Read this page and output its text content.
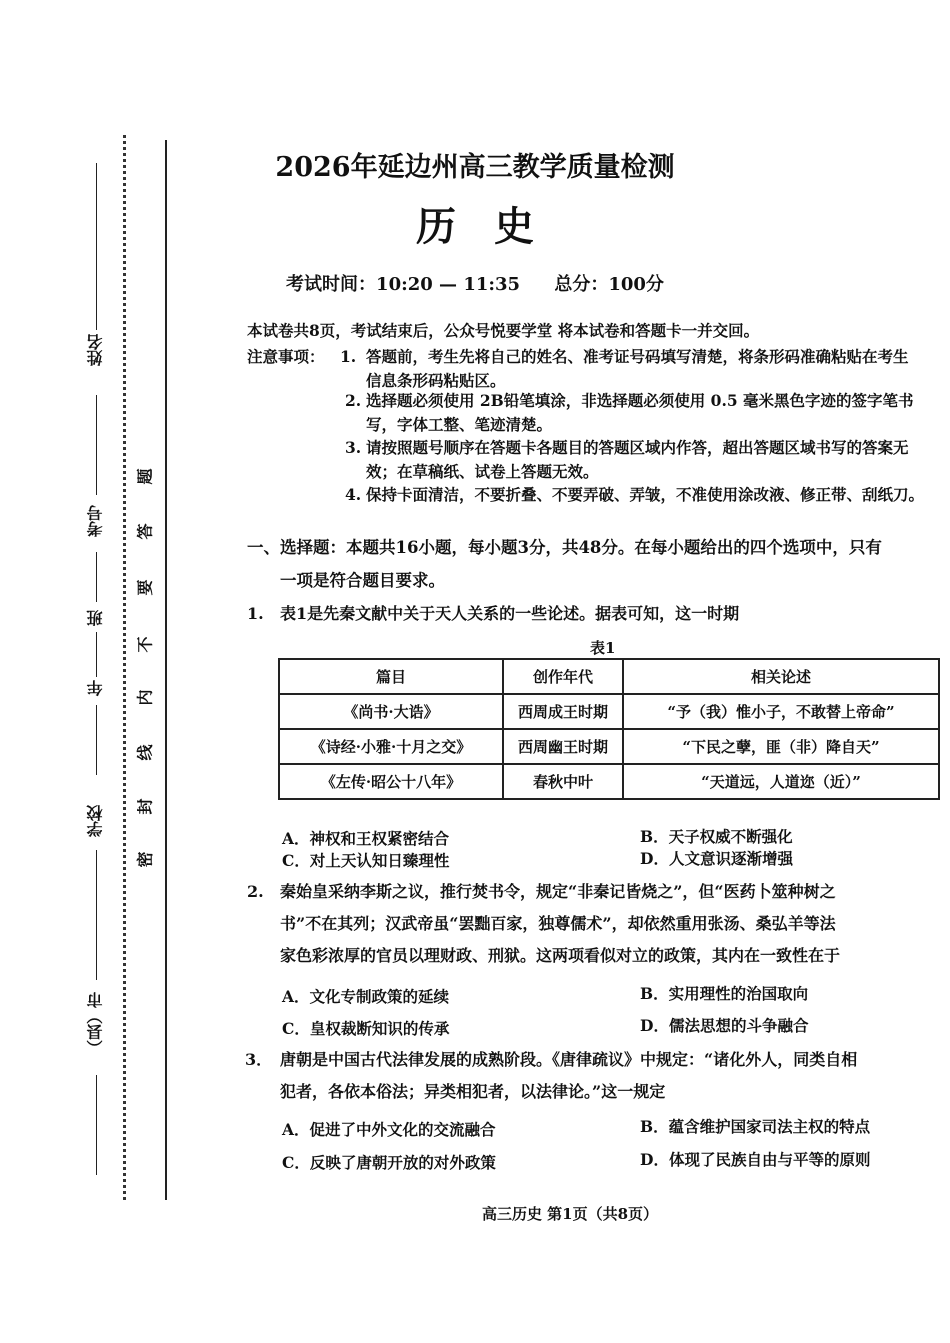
姓名
考号
班
年
学校
（县）市
密
封
线
内
不
要
答
题
2026年延边州高三教学质量检测
历史
考试时间：10:20 — 11:35 总分：100分
本试卷共8页，考试结束后，公众号悦要学堂 将本试卷和答题卡一并交回。
注意事项： 1. 答题前，考生先将自己的姓名、准考证号码填写清楚，将条形码准确粘贴在考生
信息条形码粘贴区。
2. 选择题必须使用 2B铅笔填涂，非选择题必须使用 0.5 毫米黑色字迹的签字笔书
写，字体工整、笔迹清楚。
3. 请按照题号顺序在答题卡各题目的答题区域内作答，超出答题区域书写的答案无
效；在草稿纸、试卷上答题无效。
4. 保持卡面清洁，不要折叠、不要弄破、弄皱，不准使用涂改液、修正带、刮纸刀。
一、选择题：本题共16小题，每小题3分，共48分。在每小题给出的四个选项中，只有
一项是符合题目要求。
1. 表1是先秦文献中关于天人关系的一些论述。据表可知，这一时期
表1
篇目	创作年代	相关论述
《尚书·大诰》	西周成王时期	“予（我）惟小子，不敢替上帝命”
《诗经·小雅·十月之交》	西周幽王时期	“下民之孽，匪（非）降自天”
《左传·昭公十八年》	春秋中叶	“天道远，人道迩（近）”
A．神权和王权紧密结合	B．天子权威不断强化
C．对上天认知日臻理性	D．人文意识逐渐增强
2. 秦始皇采纳李斯之议，推行焚书令，规定“非秦记皆烧之”，但“医药卜筮种树之
书”不在其列；汉武帝虽“罢黜百家，独尊儒术”，却依然重用张汤、桑弘羊等法
家色彩浓厚的官员以理财政、刑狱。这两项看似对立的政策，其内在一致性在于
A．文化专制政策的延续	B．实用理性的治国取向
C．皇权裁断知识的传承	D．儒法思想的斗争融合
3． 唐朝是中国古代法律发展的成熟阶段。《唐律疏议》中规定：“诸化外人，同类自相
犯者，各依本俗法；异类相犯者，以法律论。”这一规定
A．促进了中外文化的交流融合	B．蕴含维护国家司法主权的特点
C．反映了唐朝开放的对外政策	D．体现了民族自由与平等的原则
高三历史 第1页（共8页）
